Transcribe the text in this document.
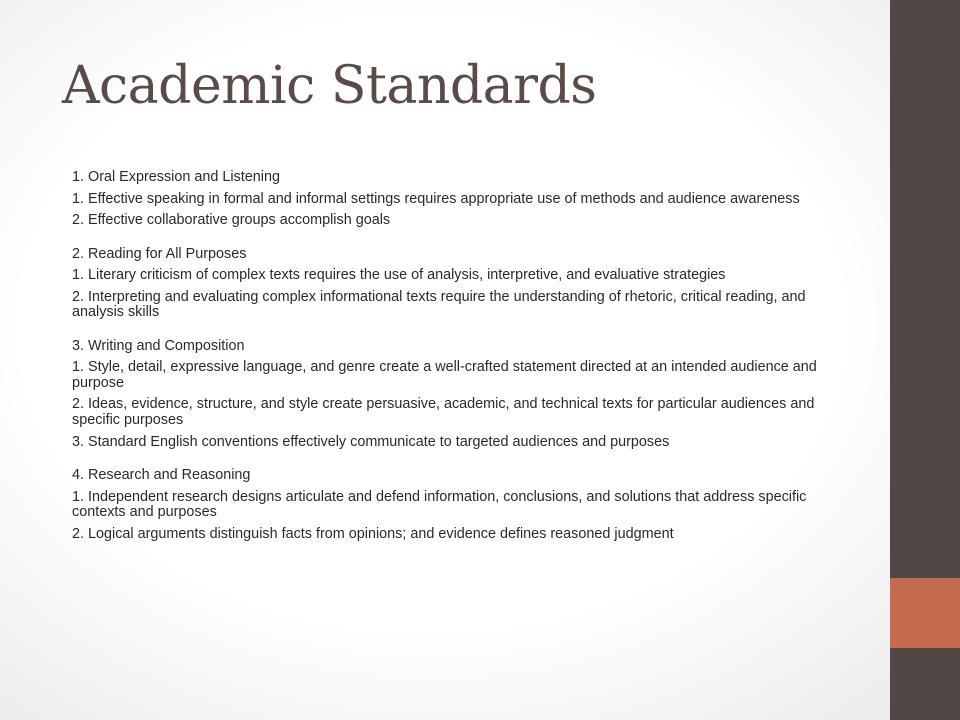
Academic Standards

1. Oral Expression and Listening

1. Effective speaking in formal and informal settings requires appropriate use of methods and audience awareness

2. Effective collaborative groups accomplish goals

2. Reading for All Purposes

1. Literary criticism of complex texts requires the use of analysis, interpretive, and evaluative strategies

2. Interpreting and evaluating complex informational texts require the understanding of rhetoric, critical reading, and analysis skills

3. Writing and Composition

1. Style, detail, expressive language, and genre create a well-crafted statement directed at an intended audience and purpose

2. Ideas, evidence, structure, and style create persuasive, academic, and technical texts for particular audiences and specific purposes

3. Standard English conventions effectively communicate to targeted audiences and purposes

4. Research and Reasoning

1. Independent research designs articulate and defend information, conclusions, and solutions that address specific contexts and purposes

2. Logical arguments distinguish facts from opinions; and evidence defines reasoned judgment
